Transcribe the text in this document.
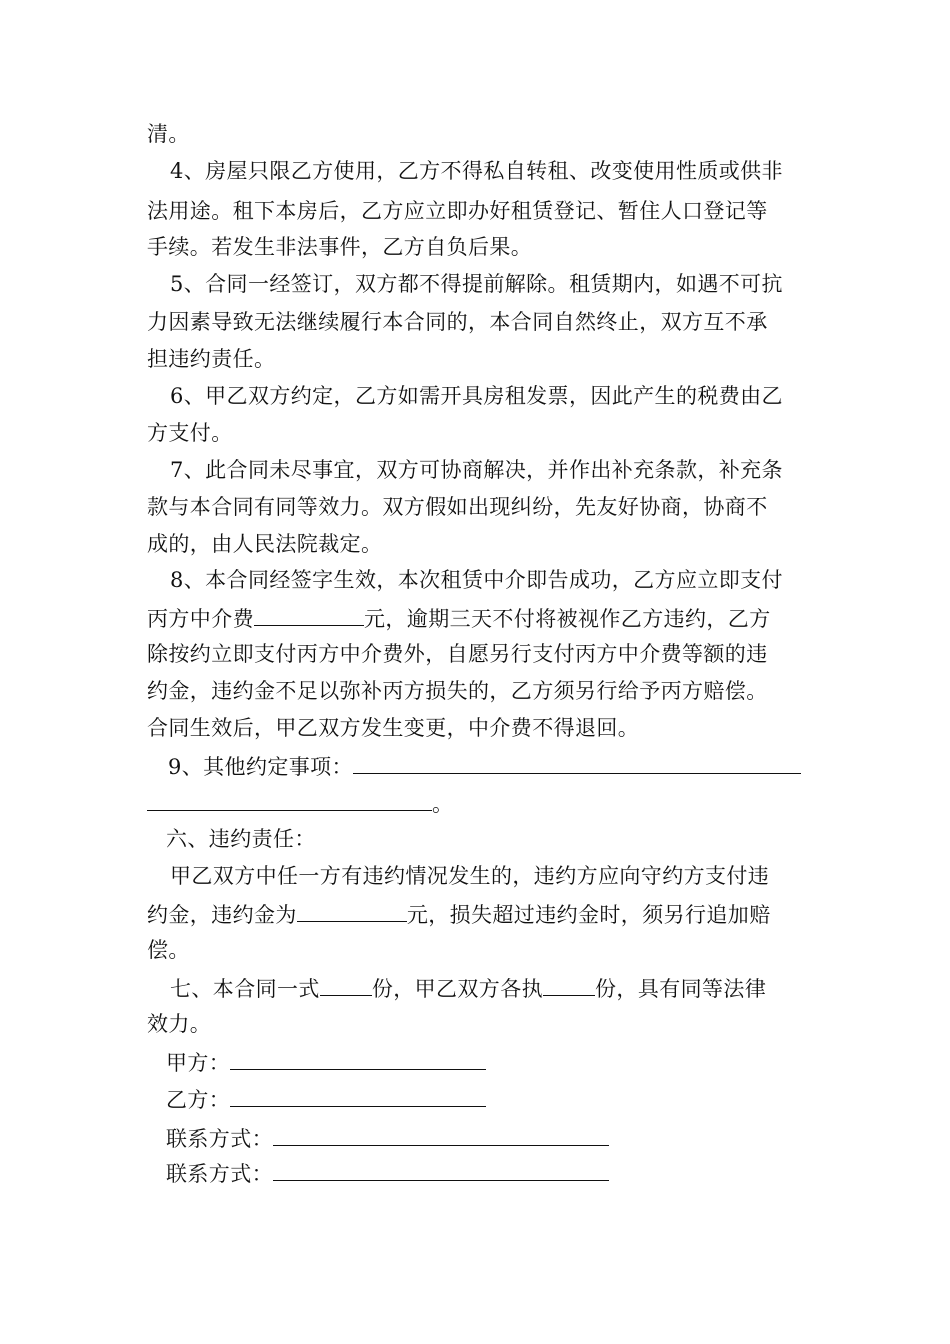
清。
4、房屋只限乙方使用，乙方不得私自转租、改变使用性质或供非
法用途。租下本房后，乙方应立即办好租赁登记、暂住人口登记等
手续。若发生非法事件，乙方自负后果。
5、合同一经签订，双方都不得提前解除。租赁期内，如遇不可抗
力因素导致无法继续履行本合同的，本合同自然终止，双方互不承
担违约责任。
6、甲乙双方约定，乙方如需开具房租发票，因此产生的税费由乙
方支付。
7、此合同未尽事宜，双方可协商解决，并作出补充条款，补充条
款与本合同有同等效力。双方假如出现纠纷，先友好协商，协商不
成的，由人民法院裁定。
8、本合同经签字生效，本次租赁中介即告成功，乙方应立即支付
丙方中介费	元，逾期三天不付将被视作乙方违约，乙方
除按约立即支付丙方中介费外，自愿另行支付丙方中介费等额的违
约金，违约金不足以弥补丙方损失的，乙方须另行给予丙方赔偿。
合同生效后，甲乙双方发生变更，中介费不得退回。
9、其他约定事项：
。
六、违约责任：
甲乙双方中任一方有违约情况发生的，违约方应向守约方支付违
约金，违约金为	元，损失超过违约金时，须另行追加赔
偿。
七、本合同一式 份，甲乙双方各执 份，具有同等法律
效力。
甲方：
乙方：
联系方式：
联系方式：
